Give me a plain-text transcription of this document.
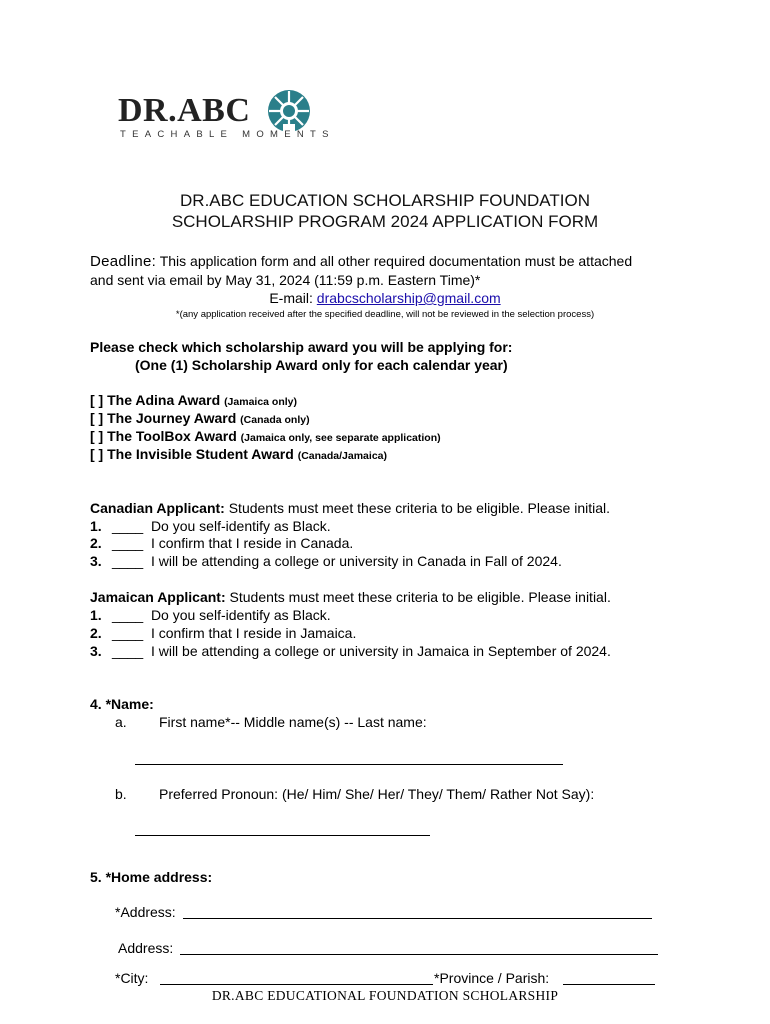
DR.ABC
TEACHABLE MOMENTS
DR.ABC EDUCATION SCHOLARSHIP FOUNDATION
SCHOLARSHIP PROGRAM 2024 APPLICATION FORM
Deadline: This application form and all other required documentation must be attached
and sent via email by May 31, 2024 (11:59 p.m. Eastern Time)*
E-mail: drabcscholarship@gmail.com
*(any application received after the specified deadline, will not be reviewed in the selection process)
Please check which scholarship award you will be applying for:
(One (1) Scholarship Award only for each calendar year)
[ ] The Adina Award (Jamaica only)
[ ] The Journey Award (Canada only)
[ ] The ToolBox Award (Jamaica only, see separate application)
[ ] The Invisible Student Award (Canada/Jamaica)
Canadian Applicant: Students must meet these criteria to be eligible. Please initial.
1. ____ Do you self-identify as Black.
2. ____ I confirm that I reside in Canada.
3. ____ I will be attending a college or university in Canada in Fall of 2024.
Jamaican Applicant: Students must meet these criteria to be eligible. Please initial.
1. ____ Do you self-identify as Black.
2. ____ I confirm that I reside in Jamaica.
3. ____ I will be attending a college or university in Jamaica in September of 2024.
4. *Name:
a. First name*-- Middle name(s) -- Last name:
b. Preferred Pronoun: (He/ Him/ She/ Her/ They/ Them/ Rather Not Say):
5. *Home address:
*Address:
Address:
*City:	*Province / Parish:
DR.ABC EDUCATIONAL FOUNDATION SCHOLARSHIP
